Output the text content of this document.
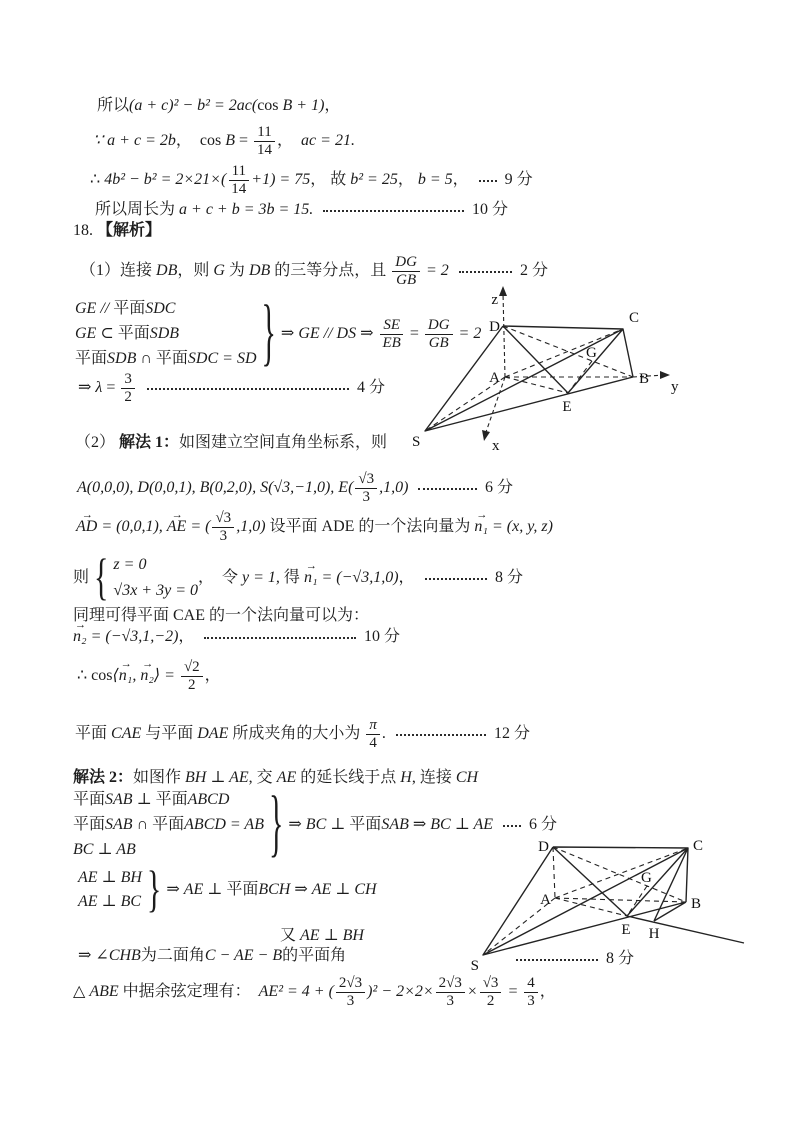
D
C
G
A	B
E
S
z
x
y
D	C
G
A	B
E H
S
所以 (a + c)² − b² = 2ac( cos B + 1) ，
∵ a + c = 2b ，  $\cos B = \frac{11}{14}$ ， ac = 21.
∴ $4b^2 - b^2 = 2\times 21\times( \frac{11}{14} +1) = 75$ ， 故 b² = 25 ， b = 5 ， 9 分
所以周长为 a + c + b = 3b = 15.	10 分
18. 【解析】
（1）连接 DB ，则 G 为 DB 的三等分点，且 $\frac{DG}{GB} = 2$	2 分
GE // 平面 SDC
GE ⊂ 平面 SDB
平面 SDB ∩ 平面 SDC = SD } ⇒ GE // DS ⇒ $\frac{SE}{EB} = \frac{DG}{GB} = 2$
⇒ $\lambda = \frac{3}{2}$	4 分
（2） 解法 1： 如图建立空间直角坐标系，则
A(0,0,0), D(0,0,1), B(0,2,0), S(√3,−1,0), $E( \frac{√3}{3} ,1,0)$	6 分
AD → = (0,0,1), AE → = ( $\frac{√3}{3} ,1,0$) 设平面 ADE 的一个法向量为 n₁ → = (x, y, z)
则 { z = 0
√3x + 3y = 0
，  令 y = 1, 得 n₁ → = (−√3,1,0) ，	8 分
同理可得平面 CAE 的一个法向量可以为：
n₂ → = (−√3,1,−2) ，	10 分
∴ cos ⟨ n₁ → , n₂ → ⟩ = $\frac{√2}{2}$ ，
平面 CAE 与平面 DAE 所成夹角的大小为 $\frac{\pi}{4}$ .	12 分
解法 2： 如图作 BH ⊥ AE , 交 AE 的延长线于点 H , 连接 CH
平面 SAB ⊥ 平面 ABCD
平面 SAB ∩ 平面 ABCD = AB
BC ⊥ AB	} ⇒ BC ⊥ 平面 SAB ⇒ BC ⊥ AE 6 分
AE ⊥ BH
AE ⊥ BC } ⇒ AE ⊥ 平面 BCH ⇒ AE ⊥ CH
又 AE ⊥ BH
⇒ ∠CHB 为二面角 C − AE − B 的平面角
△ ABE 中据余弦定理有： AE² = 4 + ( $\frac{2√3}{3} )^2 - 2\times 2\times \frac{2√3}{3} \times \frac{√3}{2} = \frac{4}{3}$ ，
8 分
